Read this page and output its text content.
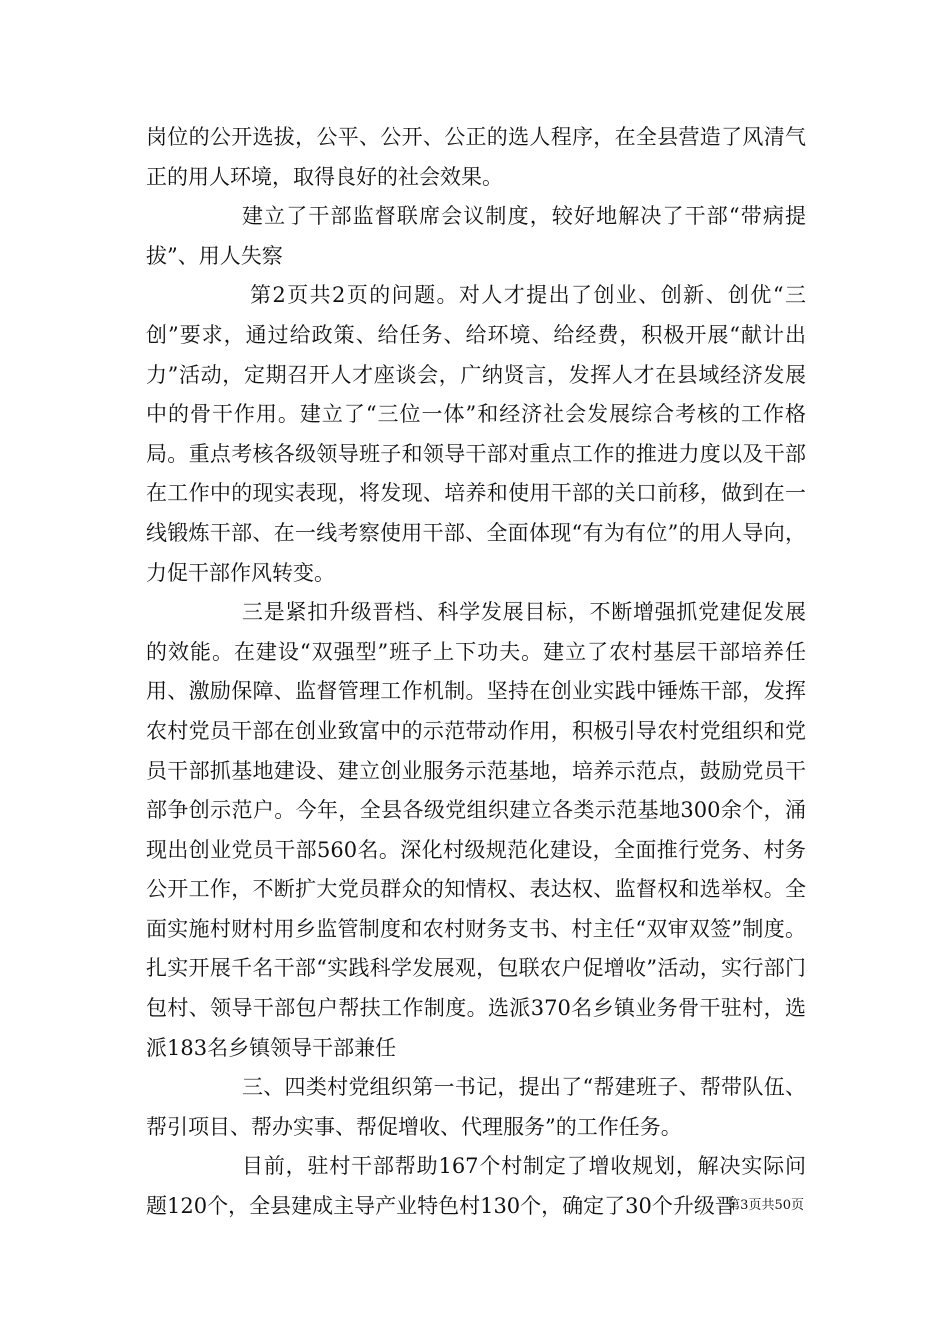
岗位的公开选拔，公平、公开、公正的选人程序，在全县营造了风清气正的用人环境，取得良好的社会效果。

建立了干部监督联席会议制度，较好地解决了干部“带病提拔”、用人失察

第2页共2页的问题。对人才提出了创业、创新、创优“三创”要求，通过给政策、给任务、给环境、给经费，积极开展“献计出力”活动，定期召开人才座谈会，广纳贤言，发挥人才在县域经济发展中的骨干作用。建立了“三位一体”和经济社会发展综合考核的工作格局。重点考核各级领导班子和领导干部对重点工作的推进力度以及干部在工作中的现实表现，将发现、培养和使用干部的关口前移，做到在一线锻炼干部、在一线考察使用干部、全面体现“有为有位”的用人导向，力促干部作风转变。

三是紧扣升级晋档、科学发展目标，不断增强抓党建促发展的效能。在建设“双强型”班子上下功夫。建立了农村基层干部培养任用、激励保障、监督管理工作机制。坚持在创业实践中锤炼干部，发挥农村党员干部在创业致富中的示范带动作用，积极引导农村党组织和党员干部抓基地建设、建立创业服务示范基地，培养示范点，鼓励党员干部争创示范户。今年，全县各级党组织建立各类示范基地300余个，涌现出创业党员干部560名。深化村级规范化建设，全面推行党务、村务公开工作，不断扩大党员群众的知情权、表达权、监督权和选举权。全面实施村财村用乡监管制度和农村财务支书、村主任“双审双签”制度。扎实开展千名干部“实践科学发展观，包联农户促增收”活动，实行部门包村、领导干部包户帮扶工作制度。选派370名乡镇业务骨干驻村，选派183名乡镇领导干部兼任

三、四类村党组织第一书记，提出了“帮建班子、帮带队伍、帮引项目、帮办实事、帮促增收、代理服务”的工作任务。

目前，驻村干部帮助167个村制定了增收规划，解决实际问题120个，全县建成主导产业特色村130个，确定了30个升级晋

第3页共50页
